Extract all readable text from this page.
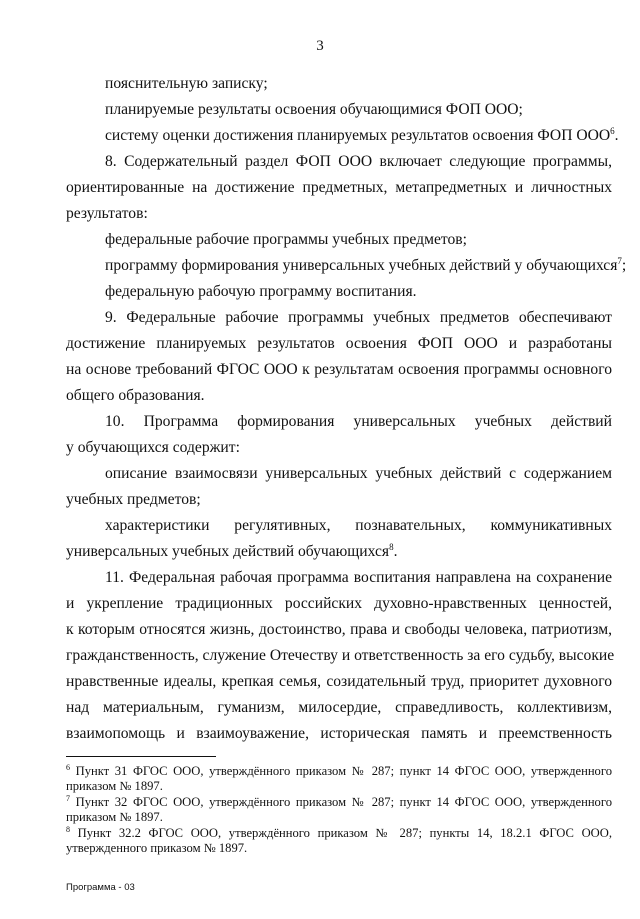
3
пояснительную записку;
планируемые результаты освоения обучающимися ФОП ООО;
систему оценки достижения планируемых результатов освоения ФОП ООО$^6$.
8. Содержательный раздел ФОП ООО включает следующие программы,
ориентированные на достижение предметных, метапредметных и личностных
результатов:
федеральные рабочие программы учебных предметов;
программу формирования универсальных учебных действий у обучающихся$^7$;
федеральную рабочую программу воспитания.
9. Федеральные рабочие программы учебных предметов обеспечивают
достижение планируемых результатов освоения ФОП ООО и разработаны
на основе требований ФГОС ООО к результатам освоения программы основного
общего образования.
10. Программа формирования универсальных учебных действий
у обучающихся содержит:
описание взаимосвязи универсальных учебных действий с содержанием
учебных предметов;
характеристики регулятивных, познавательных, коммуникативных
универсальных учебных действий обучающихся$^8$.
11. Федеральная рабочая программа воспитания направлена на сохранение
и укрепление традиционных российских духовно-нравственных ценностей,
к которым относятся жизнь, достоинство, права и свободы человека, патриотизм,
гражданственность, служение Отечеству и ответственность за его судьбу, высокие
нравственные идеалы, крепкая семья, созидательный труд, приоритет духовного
над материальным, гуманизм, милосердие, справедливость, коллективизм,
взаимопомощь и взаимоуважение, историческая память и преемственность
$^6$ Пункт 31 ФГОС ООО, утверждённого приказом № 287; пункт 14 ФГОС ООО, утвержденного
приказом № 1897.
$^7$ Пункт 32 ФГОС ООО, утверждённого приказом № 287; пункт 14 ФГОС ООО, утвержденного
приказом № 1897.
$^8$ Пункт 32.2 ФГОС ООО, утверждённого приказом № 287; пункты 14, 18.2.1 ФГОС ООО,
утвержденного приказом № 1897.
Программа - 03
